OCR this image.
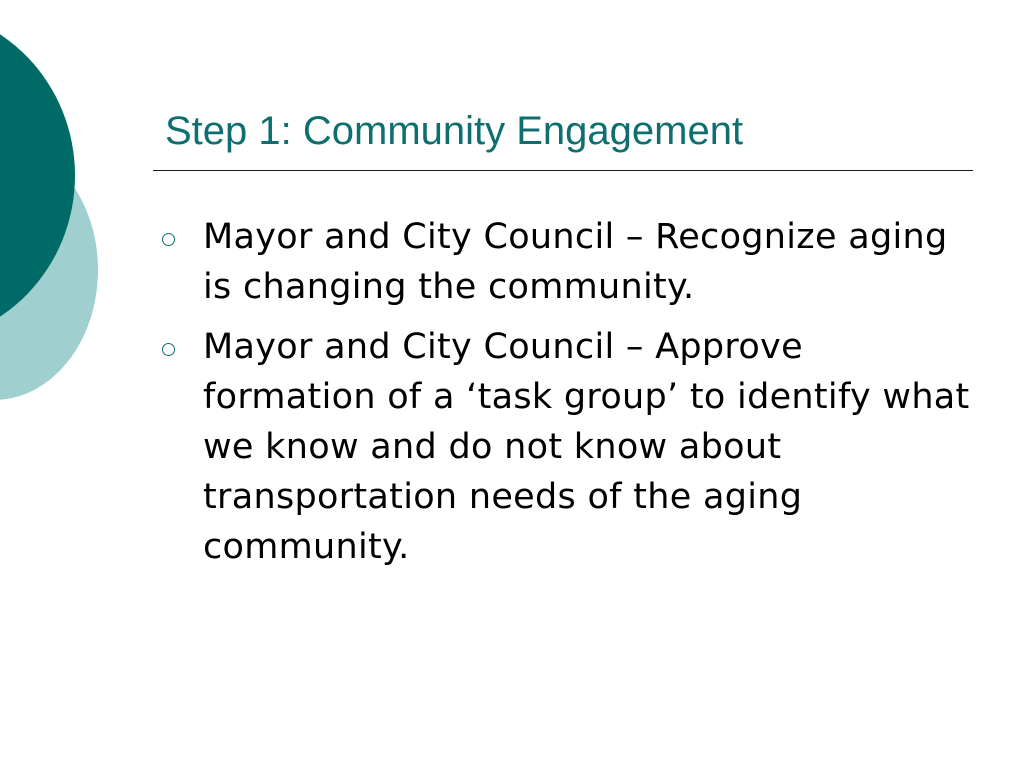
Step 1: Community Engagement
Mayor and City Council – Recognize aging is changing the community.
Mayor and City Council – Approve formation of a ‘task group’ to identify what we know and do not know about transportation needs of the aging community.
